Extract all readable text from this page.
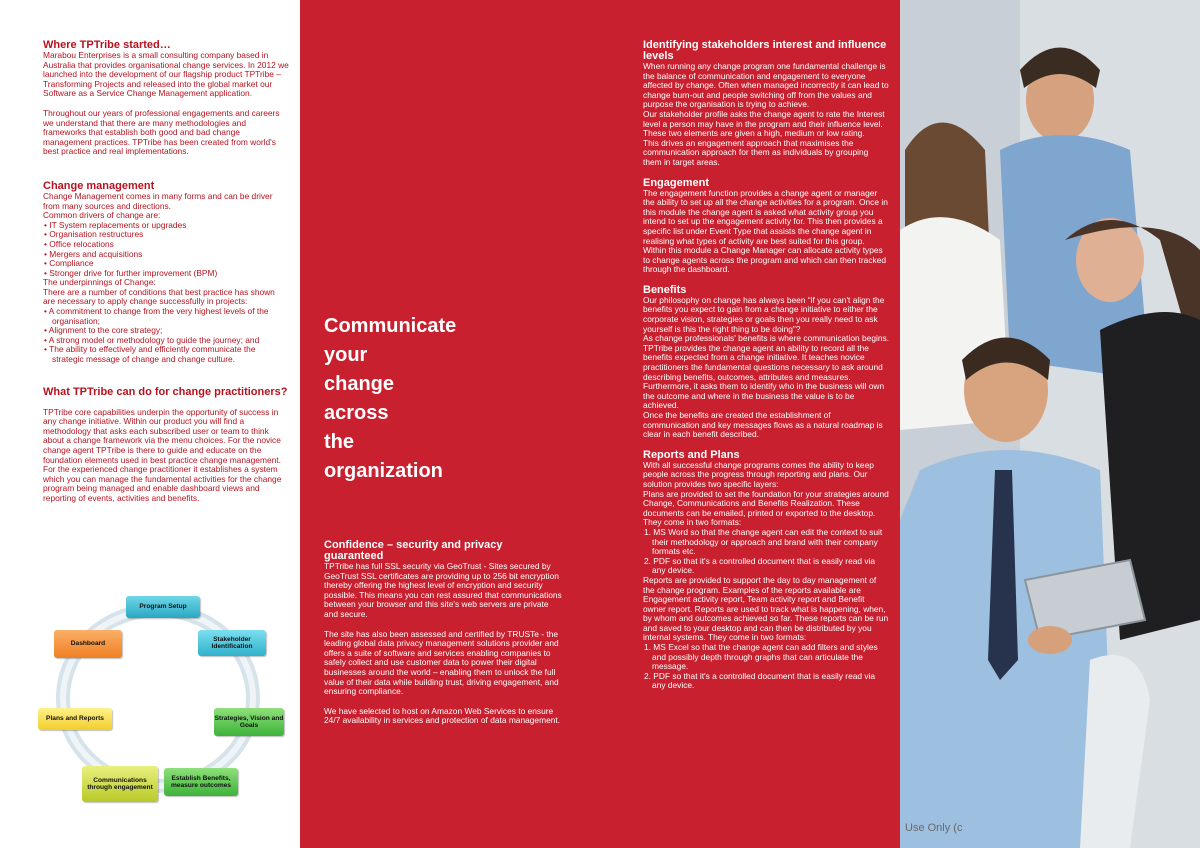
Where TPTribe started…

Marabou Enterprises is a small consulting company based in Australia that provides organisational change services. In 2012 we launched into the development of our flagship product TPTribe – Transforming Projects and released into the global market our Software as a Service Change Management application.

Throughout our years of professional engagements and careers we understand that there are many methodologies and frameworks that establish both good and bad change management practices. TPTribe has been created from world's best practice and real implementations.

Change management

Change Management comes in many forms and can be driver from many sources and directions.

Common drivers of change are:

• IT System replacements or upgrades
• Organisation restructures
• Office relocations
• Mergers and acquisitions
• Compliance
• Stronger drive for further improvement (BPM)

The underpinnings of Change:

There are a number of conditions that best practice has shown are necessary to apply change successfully in projects:

• A commitment to change from the very highest levels of the organisation;
• Alignment to the core strategy;
• A strong model or methodology to guide the journey; and
• The ability to effectively and efficiently communicate the strategic message of change and change culture.
What TPTribe can do for change practitioners?

TPTribe core capabilities underpin the opportunity of success in any change initiative. Within our product you will find a methodology that asks each subscribed user or team to think about a change framework via the menu choices. For the novice change agent TPTribe is there to guide and educate on the foundation elements used in best practice change management. For the experienced change practitioner it establishes a system which you can manage the fundamental activities for the change program being managed and enable dashboard views and reporting of events, activities and benefits.

Program Setup
Stakeholder Identification
Strategies, Vision and Goals
Establish Benefits, measure outcomes
Communications through engagement
Plans and Reports
Dashboard
Communicate
your
change
across
the
organization
Confidence – security and privacy guaranteed

TPTribe has full SSL security via GeoTrust - Sites secured by GeoTrust SSL certificates are providing up to 256 bit encryption thereby offering the highest level of encryption and security possible. This means you can rest assured that communications between your browser and this site's web servers are private and secure.

The site has also been assessed and certified by TRUSTe - the leading global data privacy management solutions provider and offers a suite of software and services enabling companies to safely collect and use customer data to power their digital businesses around the world – enabling them to unlock the full value of their data while building trust, driving engagement, and ensuring compliance.

We have selected to host on Amazon Web Services to ensure 24/7 availability in services and protection of data management.

Identifying stakeholders interest and influence levels

When running any change program one fundamental challenge is the balance of communication and engagement to everyone affected by change. Often when managed incorrectly it can lead to change burn-out and people switching off from the values and purpose the organisation is trying to achieve.

Our stakeholder profile asks the change agent to rate the Interest level a person may have in the program and their influence level. These two elements are given a high, medium or low rating.

This drives an engagement approach that maximises the communication approach for them as individuals by grouping them in target areas.

Engagement

The engagement function provides a change agent or manager the ability to set up all the change activities for a program. Once in this module the change agent is asked what activity group you intend to set up the engagement activity for. This then provides a specific list under Event Type that assists the change agent in realising what types of activity are best suited for this group. Within this module a Change Manager can allocate activity types to change agents across the program and which can then tracked through the dashboard.

Benefits

Our philosophy on change has always been “if you can't align the benefits you expect to gain from a change initiative to either the corporate vision, strategies or goals then you really need to ask yourself is this the right thing to be doing”?

As change professionals' benefits is where communication begins. TPTribe provides the change agent an ability to record all the benefits expected from a change initiative. It teaches novice practitioners the fundamental questions necessary to ask around describing benefits, outcomes, attributes and measures. Furthermore, it asks them to identify who in the business will own the outcome and where in the business the value is to be achieved.

Once the benefits are created the establishment of communication and key messages flows as a natural roadmap is clear in each benefit described.

Reports and Plans

With all successful change programs comes the ability to keep people across the progress through reporting and plans. Our solution provides two specific layers:

Plans are provided to set the foundation for your strategies around Change, Communications and Benefits Realization. These documents can be emailed, printed or exported to the desktop. They come in two formats:

1. MS Word so that the change agent can edit the context to suit their methodology or approach and brand with their company formats etc.
2. PDF so that it's a controlled document that is easily read via any device.

Reports are provided to support the day to day management of the change program. Examples of the reports available are Engagement activity report, Team activity report and Benefit owner report. Reports are used to track what is happening, when, by whom and outcomes achieved so far. These reports can be run and saved to your desktop and can then be distributed by you internal systems. They come in two formats:

1. MS Excel so that the change agent can add filters and styles and possibly depth through graphs that can articulate the message.
2. PDF so that it's a controlled document that is easily read via any device.
Use Only (c
